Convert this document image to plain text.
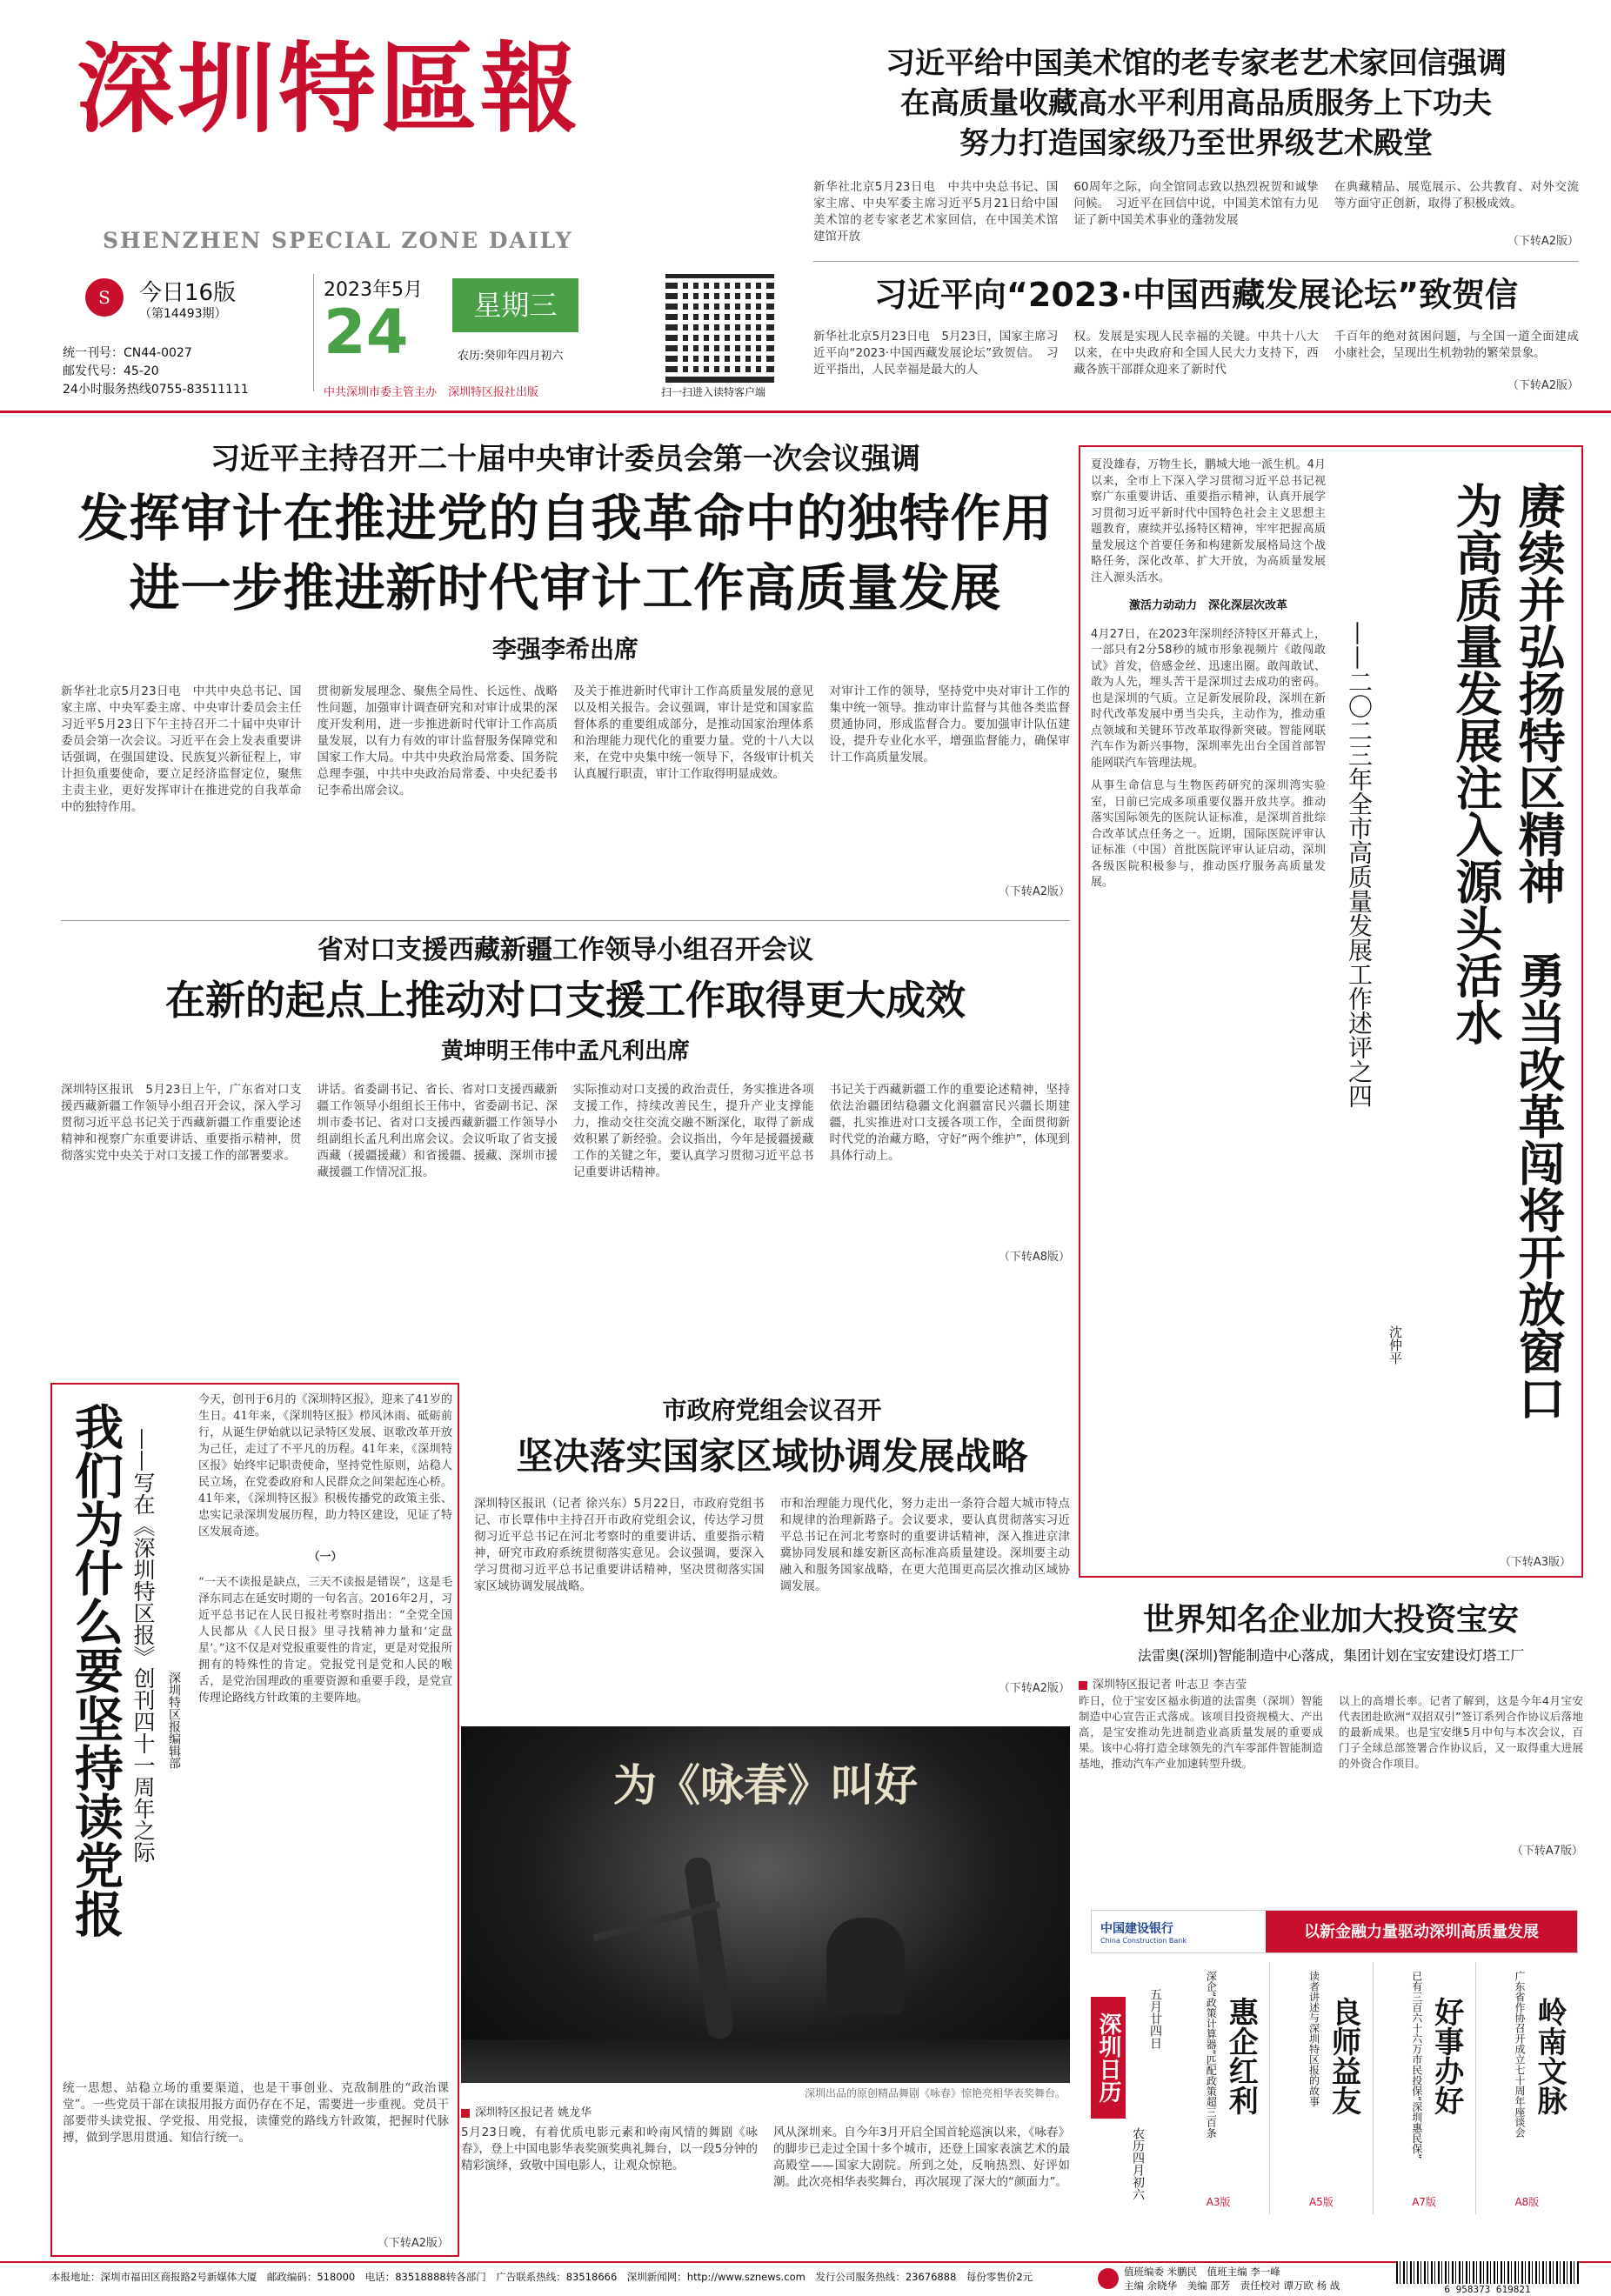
深圳特區報
SHENZHEN SPECIAL ZONE DAILY
S	今日16版
（第14493期）
统一刊号：CN44-0027
邮发代号：45-20
24小时服务热线0755-83511111
2023年5月
24	星期三
农历:癸卯年四月初六
中共深圳市委主管主办　深圳特区报社出版	扫一扫进入读特客户端
习近平给中国美术馆的老专家老艺术家回信强调
在高质量收藏高水平利用高品质服务上下功夫
努力打造国家级乃至世界级艺术殿堂
新华社北京5月23日电　中共中央总书记、国家主席、中央军委主席习近平5月21日给中国美术馆的老专家老艺术家回信，在中国美术馆建馆开放
60周年之际，向全馆同志致以热烈祝贺和诚挚问候。　习近平在回信中说，中国美术馆有力见证了新中国美术事业的蓬勃发展
在典藏精品、展览展示、公共教育、对外交流等方面守正创新，取得了积极成效。
（下转A2版）
习近平向“2023·中国西藏发展论坛”致贺信
新华社北京5月23日电　5月23日，国家主席习近平向“2023·中国西藏发展论坛”致贺信。　习近平指出，人民幸福是最大的人
权。发展是实现人民幸福的关键。中共十八大以来，在中央政府和全国人民大力支持下，西藏各族干部群众迎来了新时代
千百年的绝对贫困问题，与全国一道全面建成小康社会，呈现出生机勃勃的繁荣景象。
（下转A2版）
习近平主持召开二十届中央审计委员会第一次会议强调
发挥审计在推进党的自我革命中的独特作用
进一步推进新时代审计工作高质量发展
李强李希出席
新华社北京5月23日电　中共中央总书记、国家主席、中央军委主席、中央审计委员会主任习近平5月23日下午主持召开二十届中央审计委员会第一次会议。习近平在会上发表重要讲话强调，在强国建设、民族复兴新征程上，审计担负重要使命，要立足经济监督定位，聚焦主责主业，更好发挥审计在推进党的自我革命中的独特作用。
贯彻新发展理念、聚焦全局性、长远性、战略性问题，加强审计调查研究和对审计成果的深度开发利用，进一步推进新时代审计工作高质量发展，以有力有效的审计监督服务保障党和国家工作大局。中共中央政治局常委、国务院总理李强，中共中央政治局常委、中央纪委书记李希出席会议。
及关于推进新时代审计工作高质量发展的意见以及相关报告。会议强调，审计是党和国家监督体系的重要组成部分，是推动国家治理体系和治理能力现代化的重要力量。党的十八大以来，在党中央集中统一领导下，各级审计机关认真履行职责，审计工作取得明显成效。
对审计工作的领导，坚持党中央对审计工作的集中统一领导。推动审计监督与其他各类监督贯通协同，形成监督合力。要加强审计队伍建设，提升专业化水平，增强监督能力，确保审计工作高质量发展。
（下转A2版）
夏没雄春，万物生长，鹏城大地一派生机。4月以来，全市上下深入学习贯彻习近平总书记视察广东重要讲话、重要指示精神，认真开展学习贯彻习近平新时代中国特色社会主义思想主题教育，赓续并弘扬特区精神，牢牢把握高质量发展这个首要任务和构建新发展格局这个战略任务，深化改革、扩大开放，为高质量发展注入源头活水。
激活力动动力　深化深层次改革
4月27日，在2023年深圳经济特区开幕式上，一部只有2分58秒的城市形象视频片《敢闯敢试》首发，倍感金丝、迅速出圈。敢闯敢试、敢为人先，埋头苦干是深圳过去成功的密码。也是深圳的气质。立足新发展阶段，深圳在新时代改革发展中勇当尖兵，主动作为，推动重点领域和关键环节改革取得新突破。智能网联汽车作为新兴事物，深圳率先出台全国首部智能网联汽车管理法规。
从事生命信息与生物医药研究的深圳湾实验室，日前已完成多项重要仪器开放共享。推动落实国际领先的医院认证标准，是深圳首批综合改革试点任务之一。近期，国际医院评审认证标准（中国）首批医院评审认证启动，深圳各级医院积极参与，推动医疗服务高质量发展。	赓续并弘扬特区精神　勇当改革闯将开放窗口为高质量发展注入源头活水
——二〇二三年全市高质量发展工作述评之四
沈仲平
（下转A3版）
省对口支援西藏新疆工作领导小组召开会议
在新的起点上推动对口支援工作取得更大成效
黄坤明王伟中孟凡利出席
深圳特区报讯　5月23日上午，广东省对口支援西藏新疆工作领导小组召开会议，深入学习贯彻习近平总书记关于西藏新疆工作重要论述精神和视察广东重要讲话、重要指示精神，贯彻落实党中央关于对口支援工作的部署要求。
讲话。省委副书记、省长、省对口支援西藏新疆工作领导小组组长王伟中，省委副书记、深圳市委书记、省对口支援西藏新疆工作领导小组副组长孟凡利出席会议。会议听取了省支援西藏（援疆援藏）和省援疆、援藏、深圳市援藏援疆工作情况汇报。
实际推动对口支援的政治责任，务实推进各项支援工作，持续改善民生，提升产业支撑能力，推动交往交流交融不断深化，取得了新成效积累了新经验。会议指出，今年是援疆援藏工作的关键之年，要认真学习贯彻习近平总书记重要讲话精神。
书记关于西藏新疆工作的重要论述精神，坚持依法治疆团结稳疆文化润疆富民兴疆长期建疆，扎实推进对口支援各项工作，全面贯彻新时代党的治藏方略，守好“两个维护”，体现到具体行动上。
（下转A8版）
我们为什么要坚持读党报 ——写在《深圳特区报》创刊四十一周年之际 深圳特区报编辑部
今天，创刊于6月的《深圳特区报》，迎来了41岁的生日。41年来，《深圳特区报》栉风沐雨、砥砺前行，从诞生伊始就以记录特区发展、讴歌改革开放为己任，走过了不平凡的历程。41年来，《深圳特区报》始终牢记职责使命，坚持党性原则，站稳人民立场，在党委政府和人民群众之间架起连心桥。41年来，《深圳特区报》积极传播党的政策主张、忠实记录深圳发展历程，助力特区建设，见证了特区发展奇迹。
（一）
“一天不读报是缺点，三天不读报是错误”，这是毛泽东同志在延安时期的一句名言。2016年2月，习近平总书记在人民日报社考察时指出：“全党全国人民都从《人民日报》里寻找精神力量和‘定盘星’。”这不仅是对党报重要性的肯定，更是对党报所拥有的特殊性的肯定。党报党刊是党和人民的喉舌，是党治国理政的重要资源和重要手段，是党宣传理论路线方针政策的主要阵地。
统一思想、站稳立场的重要渠道，也是干事创业、克敌制胜的“政治课堂”。一些党员干部在读报用报方面仍存在不足，需要进一步重视。党员干部要带头读党报、学党报、用党报，读懂党的路线方针政策，把握时代脉搏，做到学思用贯通、知信行统一。
（下转A2版）
市政府党组会议召开
坚决落实国家区域协调发展战略
深圳特区报讯（记者 徐兴东）5月22日，市政府党组书记、市长覃伟中主持召开市政府党组会议，传达学习贯彻习近平总书记在河北考察时的重要讲话、重要指示精神，研究市政府系统贯彻落实意见。会议强调，要深入学习贯彻习近平总书记重要讲话精神，坚决贯彻落实国家区域协调发展战略。
市和治理能力现代化，努力走出一条符合超大城市特点和规律的治理新路子。会议要求，要认真贯彻落实习近平总书记在河北考察时的重要讲话精神，深入推进京津冀协同发展和雄安新区高标准高质量建设。深圳要主动融入和服务国家战略，在更大范围更高层次推动区域协调发展。
（下转A2版）
为《咏春》叫好
深圳出品的原创精品舞剧《咏春》惊艳亮相华表奖舞台。
深圳特区报记者 姚龙华
5月23日晚，有着优质电影元素和岭南风情的舞剧《咏春》，登上中国电影华表奖颁奖典礼舞台，以一段5分钟的精彩演绎，致敬中国电影人，让观众惊艳。
风从深圳来。自今年3月开启全国首轮巡演以来，《咏春》的脚步已走过全国十多个城市，还登上国家表演艺术的最高殿堂——国家大剧院。所到之处，反响热烈、好评如潮。此次亮相华表奖舞台，再次展现了深大的“颜面力”。
世界知名企业加大投资宝安
法雷奥(深圳)智能制造中心落成，集团计划在宝安建设灯塔工厂
深圳特区报记者 叶志卫 李吉莹
昨日，位于宝安区福永街道的法雷奥（深圳）智能制造中心宣告正式落成。该项目投资规模大、产出高，是宝安推动先进制造业高质量发展的重要成果。该中心将打造全球领先的汽车零部件智能制造基地，推动汽车产业加速转型升级。
以上的高增长率。记者了解到，这是今年4月宝安代表团赴欧洲“双招双引”签订系列合作协议后落地的最新成果。也是宝安继5月中旬与本次会议，百门子全球总部签署合作协议后，又一取得重大进展的外资合作项目。
（下转A7版）
中国建设银行
China Construction Bank	以新金融力量驱动深圳高质量发展
深圳日历	五月廿四日
农历四月初六
岭南文脉
广东省作协召开成立七十周年座谈会
A8版
好事办好
已有三百六十六万市民投保“深圳惠民保”
A7版
良师益友
读者讲述与深圳特区报的故事
A5版
惠企红利
深企“政策计算器”匹配政策超三百条
A3版
本报地址：深圳市福田区商报路2号新媒体大厦　邮政编码：518000　电话：83518888转各部门　广告联系热线：83518666　深圳新闻网：http://www.sznews.com　发行公司服务热线：23676888　每份零售价2元	值班编委 米鹏民　值班主编 李一峰
主编 余晓华　美编 邵芳　责任校对 谭万欧 杨 战	6 958373 619821
